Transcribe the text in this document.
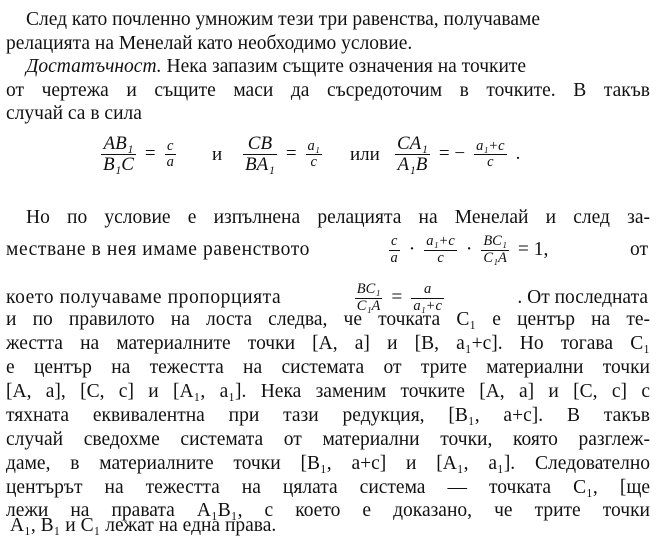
След като почленно умножим тези три равенства, получаваме
релацията на Менелай като необходимо условие.
Достатъчност. Нека запазим същите означения на точките
от чертежа и същите маси да съсредоточим в точките. В такъв
случай са в сила
$\frac{\text{AB₁}}{\text{B₁C}} = \frac{c}{a}$ и $\frac{CB}{\text{BA₁}} = \frac{\text{a₁}}{c}$ или $\frac{\text{CA₁}}{\text{A₁B}}$ = − $\frac{\text{a₁+c}}{c}$ .
Но по условие е изпълнена релацията на Менелай и след за-
местване в нея имаме равенството	$\frac{c}{a} \cdot \frac{\text{a₁+c}}{c} \cdot \frac{\text{BC₁}}{\text{C₁A}} = 1$,	от
което получаваме пропорцията	$\frac{\text{BC₁}}{\text{C₁A}} = \frac{a}{\text{a₁+c}}$	. От последната
и по правилото на лоста следва, че точката C₁ е център на те-
жестта на материалните точки [A, a] и [B, a₁+c]. Но тогава C₁
е център на тежестта на системата от трите материални точки
[A, a], [C, c] и [A₁, a₁]. Нека заменим точките [A, a] и [C, c] с
тяхната еквивалентна при тази редукция, [B₁, a+c]. В такъв
случай сведохме системата от материални точки, която разглеж-
даме, в материалните точки [B₁, a+c] и [A₁, a₁]. Следователно
центърът на тежестта на цялата система — точката C₁, [ще
лежи на правата A₁B₁, с което е доказано, че трите точки
A₁, B₁ и C₁ лежат на една права.
